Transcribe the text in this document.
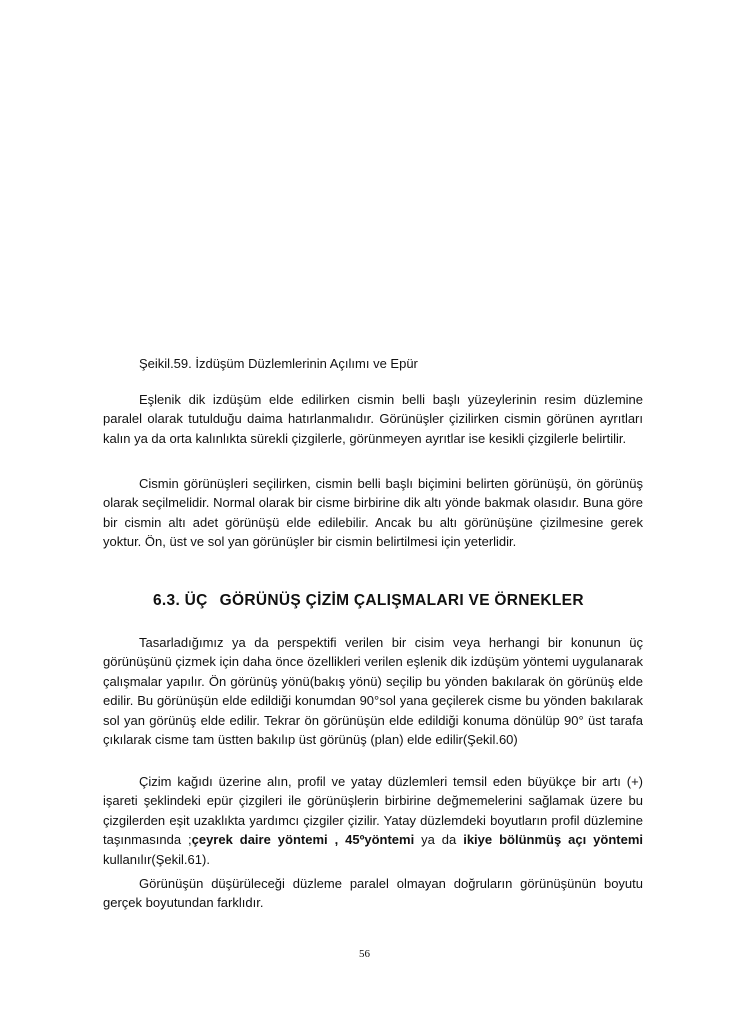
Şeikil.59. İzdüşüm Düzlemlerinin Açılımı ve Epür

Eşlenik dik izdüşüm elde edilirken cismin belli başlı yüzeylerinin resim düzlemine paralel olarak tutulduğu daima hatırlanmalıdır. Görünüşler çizilirken cismin görünen ayrıtları kalın ya da orta kalınlıkta sürekli çizgilerle, görünmeyen ayrıtlar ise kesikli çizgilerle belirtilir.

Cismin görünüşleri seçilirken, cismin belli başlı biçimini belirten görünüşü, ön görünüş olarak seçilmelidir. Normal olarak bir cisme birbirine dik altı yönde bakmak olasıdır. Buna göre bir cismin altı adet görünüşü elde edilebilir. Ancak bu altı görünüşüne çizilmesine gerek yoktur. Ön, üst ve sol yan görünüşler bir cismin belirtilmesi için yeterlidir.

6.3. ÜÇ GÖRÜNÜŞ ÇİZİM ÇALIŞMALARI VE ÖRNEKLER

Tasarladığımız ya da perspektifi verilen bir cisim veya herhangi bir konunun üç görünüşünü çizmek için daha önce özellikleri verilen eşlenik dik izdüşüm yöntemi uygulanarak çalışmalar yapılır. Ön görünüş yönü(bakış yönü) seçilip bu yönden bakılarak ön görünüş elde edilir. Bu görünüşün elde edildiği konumdan 90°sol yana geçilerek cisme bu yönden bakılarak sol yan görünüş elde edilir. Tekrar ön görünüşün elde edildiği konuma dönülüp 90° üst tarafa çıkılarak cisme tam üstten bakılıp üst görünüş (plan) elde edilir(Şekil.60)

Çizim kağıdı üzerine alın, profil ve yatay düzlemleri temsil eden büyükçe bir artı (+) işareti şeklindeki epür çizgileri ile görünüşlerin birbirine değmemelerini sağlamak üzere bu çizgilerden eşit uzaklıkta yardımcı çizgiler çizilir. Yatay düzlemdeki boyutların profil düzlemine taşınmasında ;çeyrek daire yöntemi , 45ºyöntemi ya da ikiye bölünmüş açı yöntemi kullanılır(Şekil.61).

Görünüşün düşürüleceği düzleme paralel olmayan doğruların görünüşünün boyutu gerçek boyutundan farklıdır.

56
